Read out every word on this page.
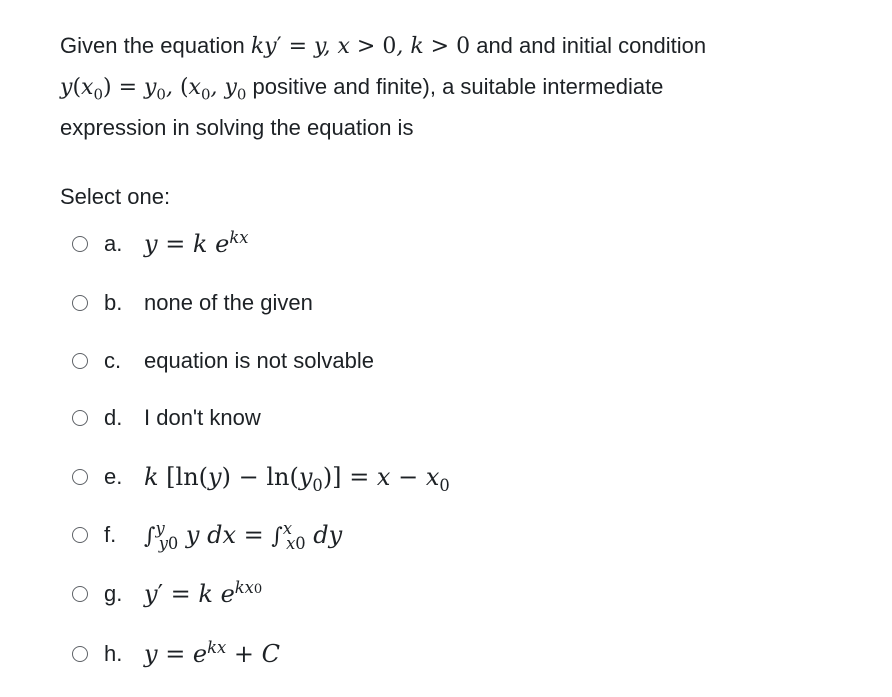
Given the equation ky′ = y, x > 0, k > 0 and and initial condition
$y(x_0) = y_0$, ($x_0$, $y_0$ positive and finite), a suitable intermediate
expression in solving the equation is
Select one:
a. y = k $e^{kx}$
b. none of the given
c.	equation is not solvable
d. I don't know
e. k $[\ln(y) - \ln(y_0)] = x - x_0$
f.	∫$^y_{y0}$ y dx = ∫$^x_{x0}$ dy
g. y′ = k $e^{kx0}$
h. $y = e^{kx} + C$
